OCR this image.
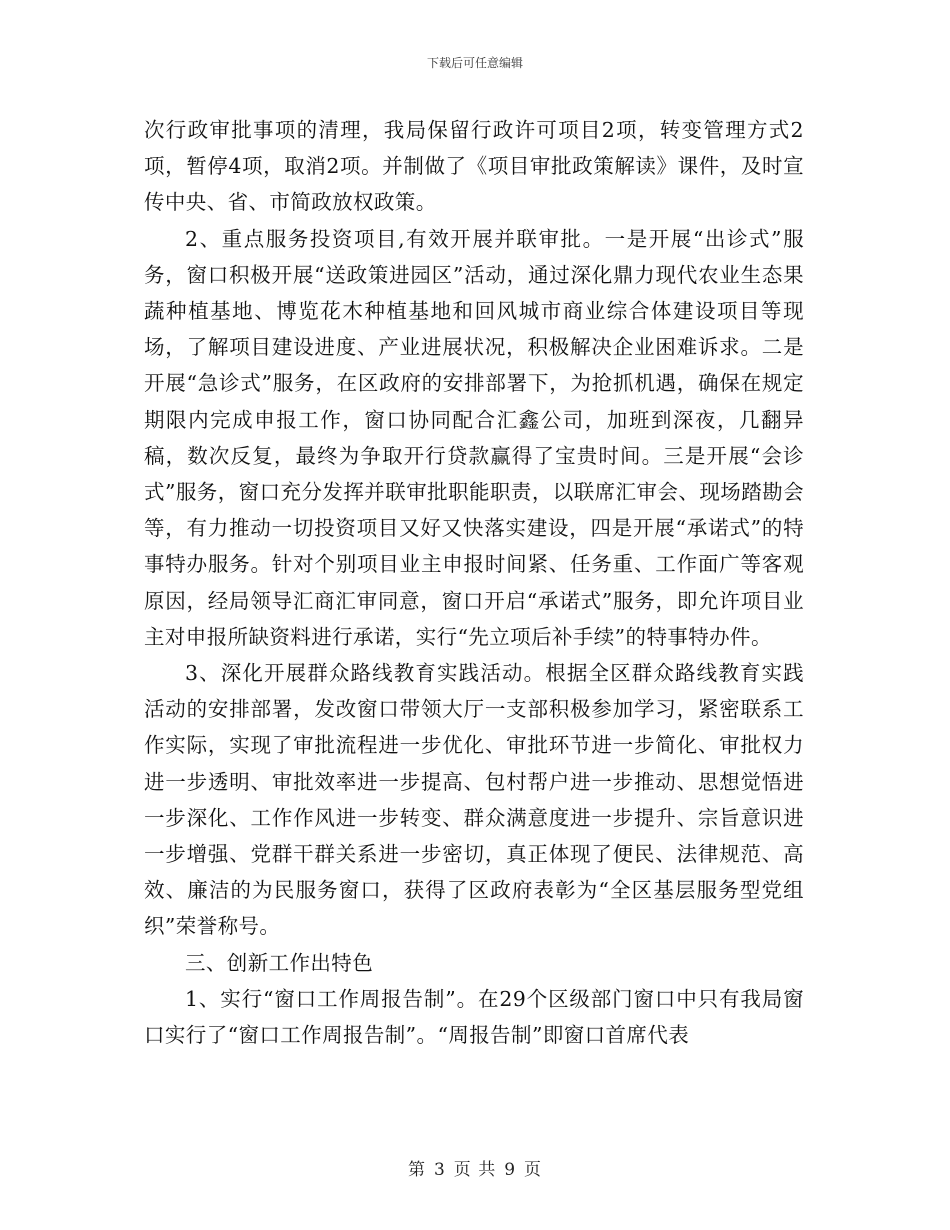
下载后可任意编辑

次行政审批事项的清理，我局保留行政许可项目2项，转变管理方式2项，暂停4项，取消2项。并制做了《项目审批政策解读》课件，及时宣传中央、省、市简政放权政策。

2、重点服务投资项目,有效开展并联审批。一是开展“出诊式”服务，窗口积极开展“送政策进园区”活动，通过深化鼎力现代农业生态果蔬种植基地、博览花木种植基地和回风城市商业综合体建设项目等现场，了解项目建设进度、产业进展状况，积极解决企业困难诉求。二是开展“急诊式”服务，在区政府的安排部署下，为抢抓机遇，确保在规定期限内完成申报工作，窗口协同配合汇鑫公司，加班到深夜，几翻异稿，数次反复，最终为争取开行贷款赢得了宝贵时间。三是开展“会诊式”服务，窗口充分发挥并联审批职能职责，以联席汇审会、现场踏勘会等，有力推动一切投资项目又好又快落实建设，四是开展“承诺式”的特事特办服务。针对个别项目业主申报时间紧、任务重、工作面广等客观原因，经局领导汇商汇审同意，窗口开启“承诺式”服务，即允许项目业主对申报所缺资料进行承诺，实行“先立项后补手续”的特事特办件。

3、深化开展群众路线教育实践活动。根据全区群众路线教育实践活动的安排部署，发改窗口带领大厅一支部积极参加学习，紧密联系工作实际，实现了审批流程进一步优化、审批环节进一步简化、审批权力进一步透明、审批效率进一步提高、包村帮户进一步推动、思想觉悟进一步深化、工作作风进一步转变、群众满意度进一步提升、宗旨意识进一步增强、党群干群关系进一步密切，真正体现了便民、法律规范、高效、廉洁的为民服务窗口，获得了区政府表彰为“全区基层服务型党组织”荣誉称号。

三、创新工作出特色

1、实行“窗口工作周报告制”。在29个区级部门窗口中只有我局窗口实行了“窗口工作周报告制”。“周报告制”即窗口首席代表

第 3 页 共 9 页
